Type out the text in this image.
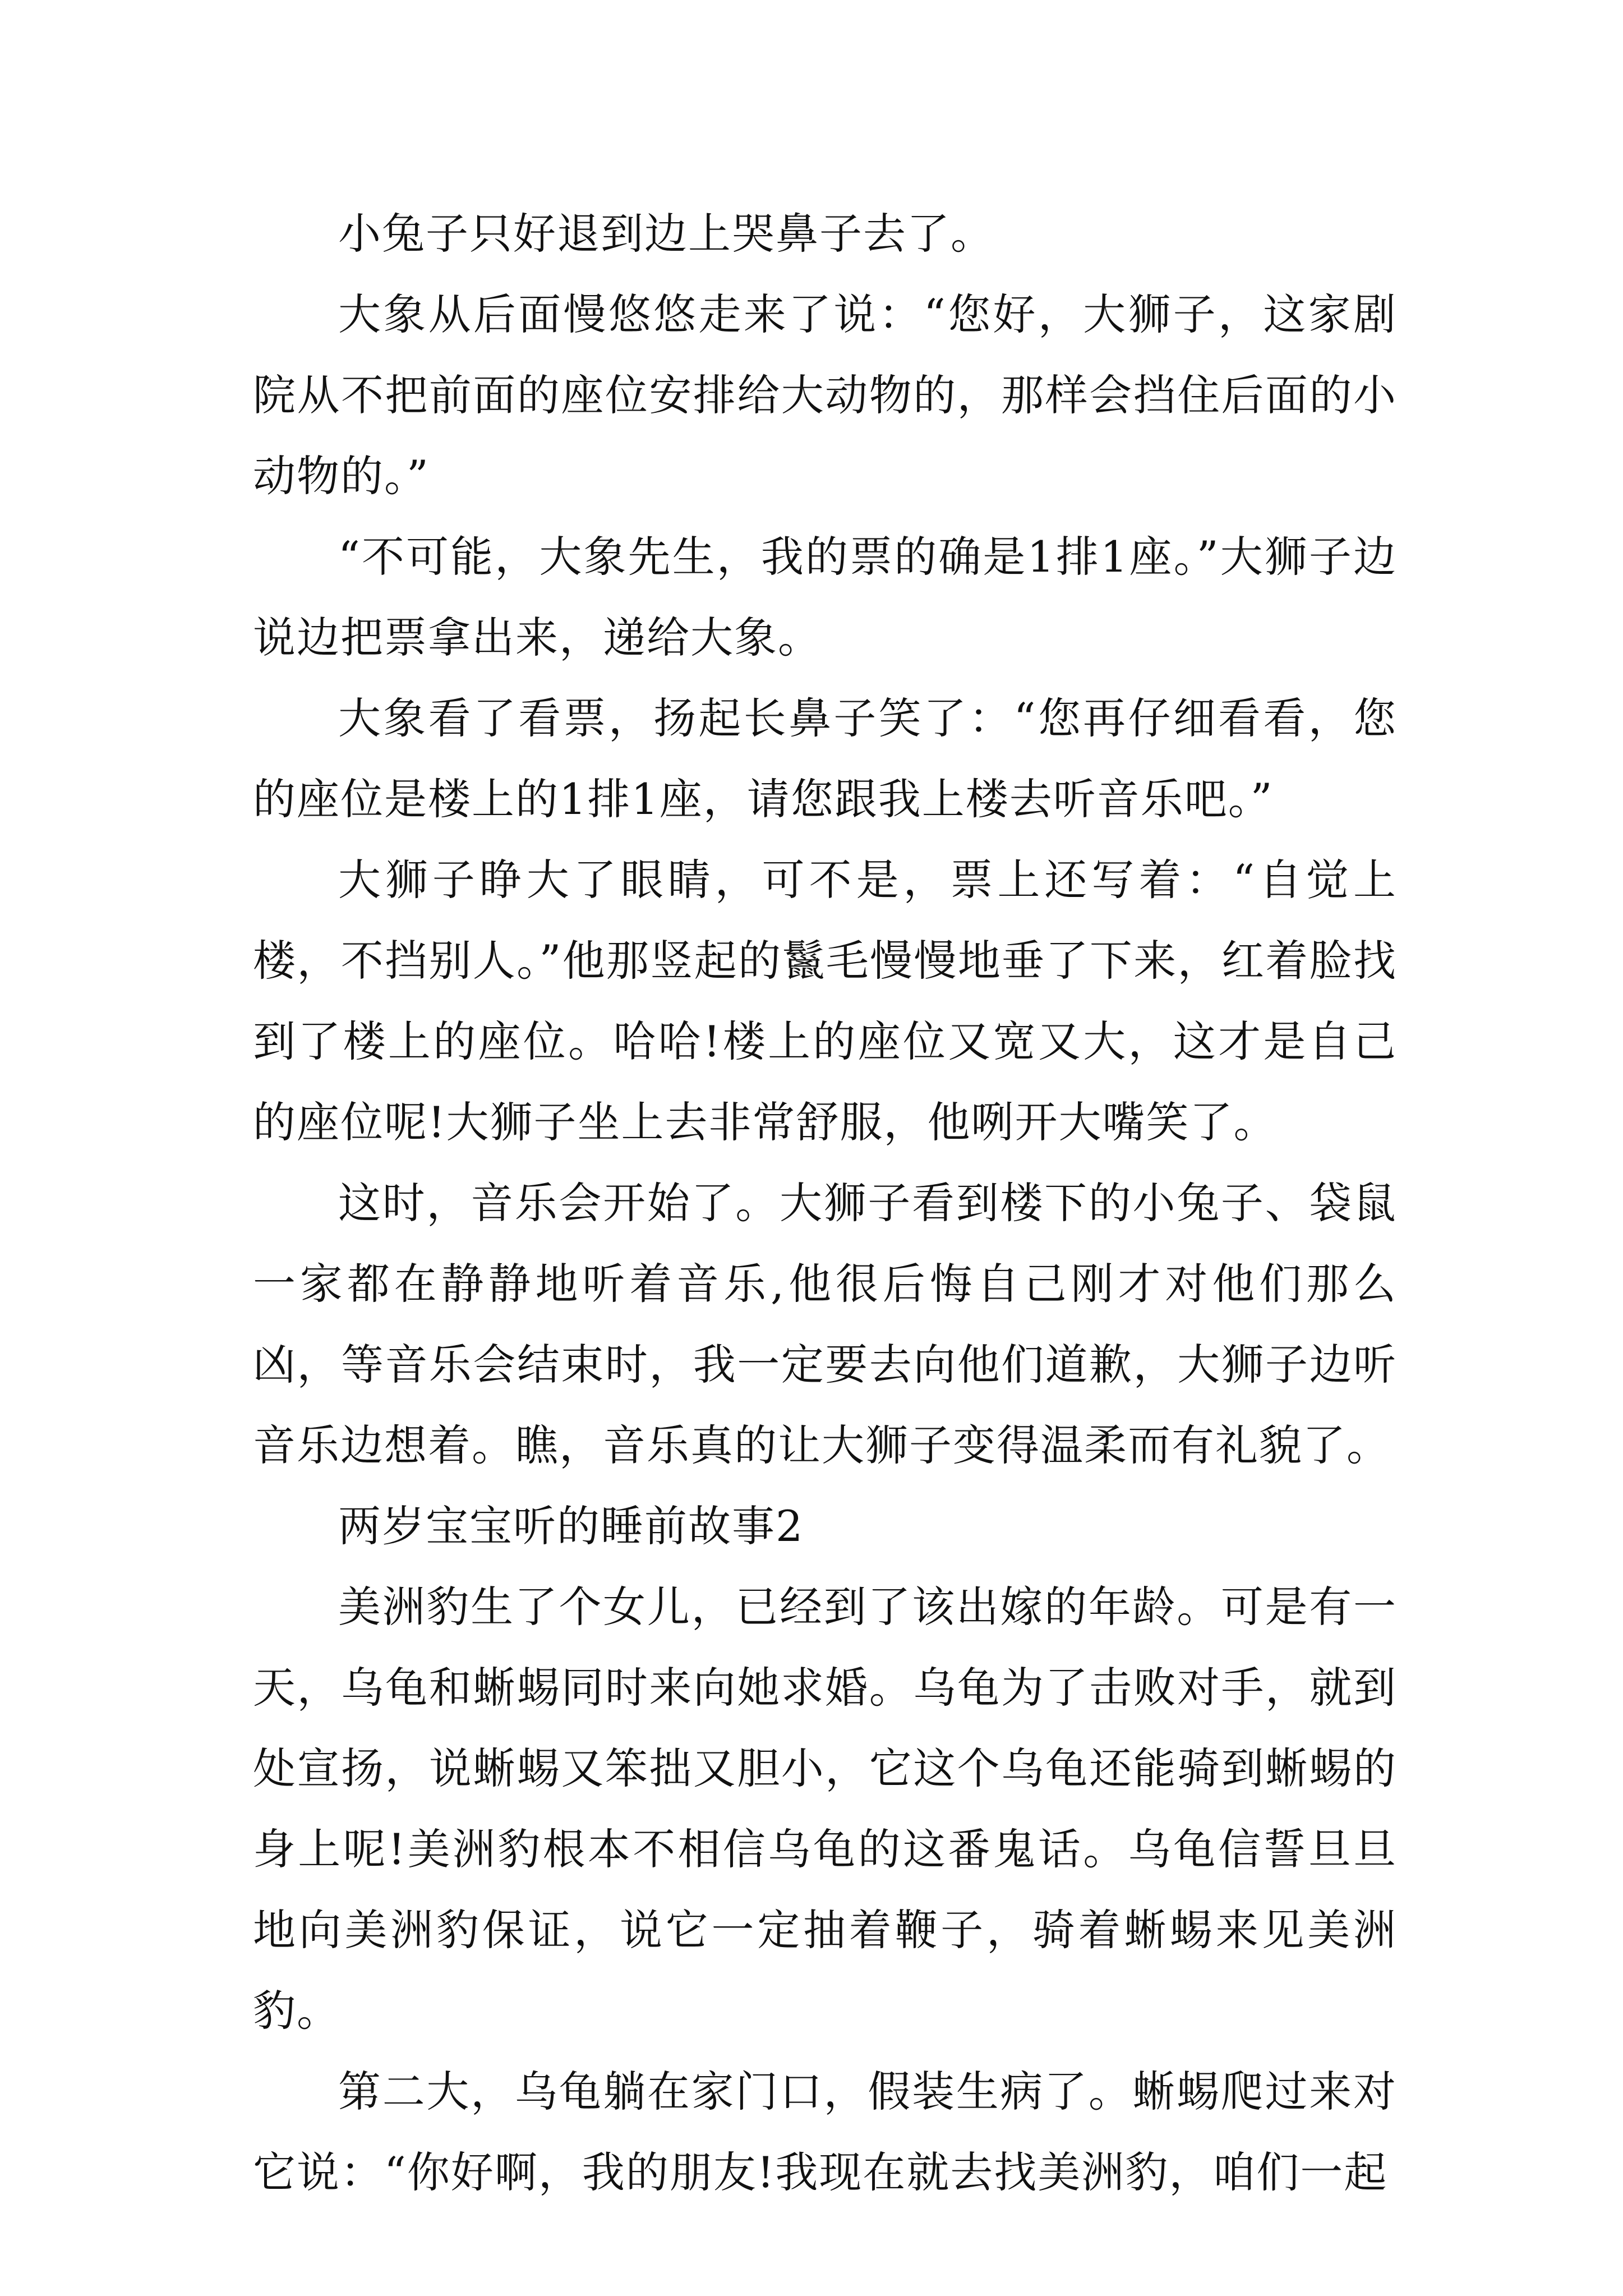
小兔子只好退到边上哭鼻子去了。

大象从后面慢悠悠走来了说：“您好，大狮子，这家剧院从不把前面的座位安排给大动物的，那样会挡住后面的小动物的。”

“不可能，大象先生，我的票的确是1排1座。”大狮子边说边把票拿出来，递给大象。

大象看了看票，扬起长鼻子笑了：“您再仔细看看，您的座位是楼上的1排1座，请您跟我上楼去听音乐吧。”

大狮子睁大了眼睛，可不是，票上还写着：“自觉上楼，不挡别人。”他那竖起的鬣毛慢慢地垂了下来，红着脸找到了楼上的座位。哈哈!楼上的座位又宽又大，这才是自己的座位呢!大狮子坐上去非常舒服，他咧开大嘴笑了。

这时，音乐会开始了。大狮子看到楼下的小兔子、袋鼠一家都在静静地听着音乐,他很后悔自己刚才对他们那么凶，等音乐会结束时，我一定要去向他们道歉，大狮子边听音乐边想着。瞧，音乐真的让大狮子变得温柔而有礼貌了。

两岁宝宝听的睡前故事2

美洲豹生了个女儿，已经到了该出嫁的年龄。可是有一天，乌龟和蜥蜴同时来向她求婚。乌龟为了击败对手，就到处宣扬，说蜥蜴又笨拙又胆小，它这个乌龟还能骑到蜥蜴的身上呢!美洲豹根本不相信乌龟的这番鬼话。乌龟信誓旦旦地向美洲豹保证，说它一定抽着鞭子，骑着蜥蜴来见美洲豹。

第二大，乌龟躺在家门口，假装生病了。蜥蜴爬过来对它说：“你好啊，我的朋友!我现在就去找美洲豹，咱们一起
